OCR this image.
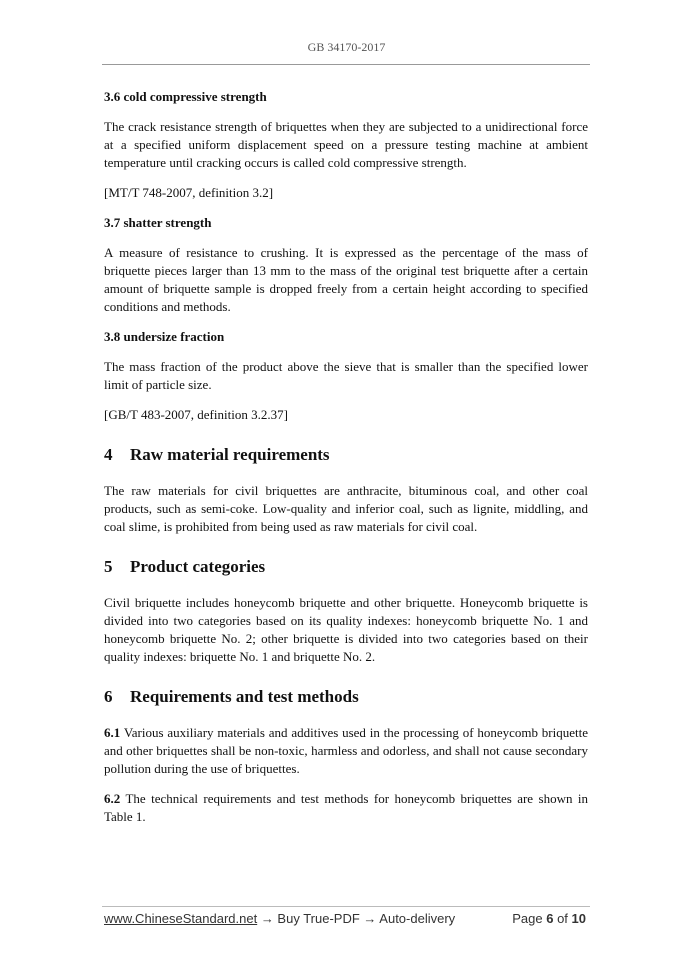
GB 34170-2017
3.6 cold compressive strength
The crack resistance strength of briquettes when they are subjected to a unidirectional force at a specified uniform displacement speed on a pressure testing machine at ambient temperature until cracking occurs is called cold compressive strength.
[MT/T 748-2007, definition 3.2]
3.7 shatter strength
A measure of resistance to crushing. It is expressed as the percentage of the mass of briquette pieces larger than 13 mm to the mass of the original test briquette after a certain amount of briquette sample is dropped freely from a certain height according to specified conditions and methods.
3.8 undersize fraction
The mass fraction of the product above the sieve that is smaller than the specified lower limit of particle size.
[GB/T 483-2007, definition 3.2.37]
4 Raw material requirements
The raw materials for civil briquettes are anthracite, bituminous coal, and other coal products, such as semi-coke. Low-quality and inferior coal, such as lignite, middling, and coal slime, is prohibited from being used as raw materials for civil coal.
5 Product categories
Civil briquette includes honeycomb briquette and other briquette. Honeycomb briquette is divided into two categories based on its quality indexes: honeycomb briquette No. 1 and honeycomb briquette No. 2; other briquette is divided into two categories based on their quality indexes: briquette No. 1 and briquette No. 2.
6 Requirements and test methods
6.1 Various auxiliary materials and additives used in the processing of honeycomb briquette and other briquettes shall be non-toxic, harmless and odorless, and shall not cause secondary pollution during the use of briquettes.
6.2 The technical requirements and test methods for honeycomb briquettes are shown in Table 1.
www.ChineseStandard.net → Buy True-PDF → Auto-delivery	Page 6 of 10
